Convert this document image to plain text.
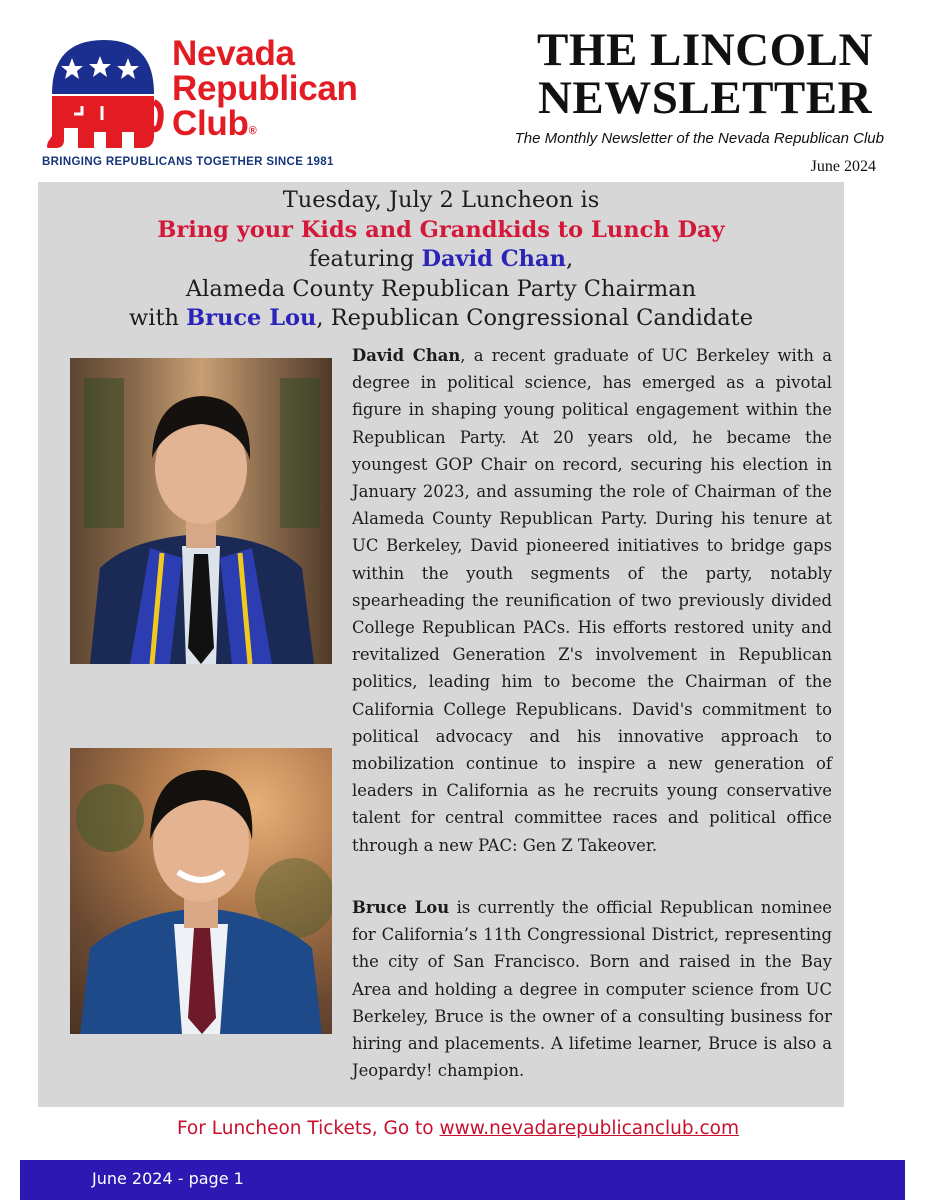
Nevada
Republican
Club®
BRINGING REPUBLICANS TOGETHER SINCE 1981
THE LINCOLN
NEWSLETTER
The Monthly Newsletter of the Nevada Republican Club
June 2024
Tuesday, July 2 Luncheon is
Bring your Kids and Grandkids to Lunch Day
featuring David Chan,
Alameda County Republican Party Chairman
with Bruce Lou, Republican Congressional Candidate
David Chan, a recent graduate of UC Berkeley with a degree in political science, has emerged as a pivotal figure in shaping young political engagement within the Republican Party. At 20 years old, he became the youngest GOP Chair on record, securing his election in January 2023, and assuming the role of Chairman of the Alameda County Republican Party. During his tenure at UC Berkeley, David pioneered initiatives to bridge gaps within the youth segments of the party, notably spearheading the reunification of two previously divided College Republican PACs. His efforts restored unity and revitalized Generation Z's involvement in Republican politics, leading him to become the Chairman of the California College Republicans. David's commitment to political advocacy and his innovative approach to mobilization continue to inspire a new generation of leaders in California as he recruits young conservative talent for central committee races and political office through a new PAC: Gen Z Takeover.
Bruce Lou is currently the official Republican nominee for California’s 11th Congressional District, representing the city of San Francisco. Born and raised in the Bay Area and holding a degree in computer science from UC Berkeley, Bruce is the owner of a consulting business for hiring and placements. A lifetime learner, Bruce is also a Jeopardy! champion.
For Luncheon Tickets, Go to www.nevadarepublicanclub.com
June 2024 - page 1
